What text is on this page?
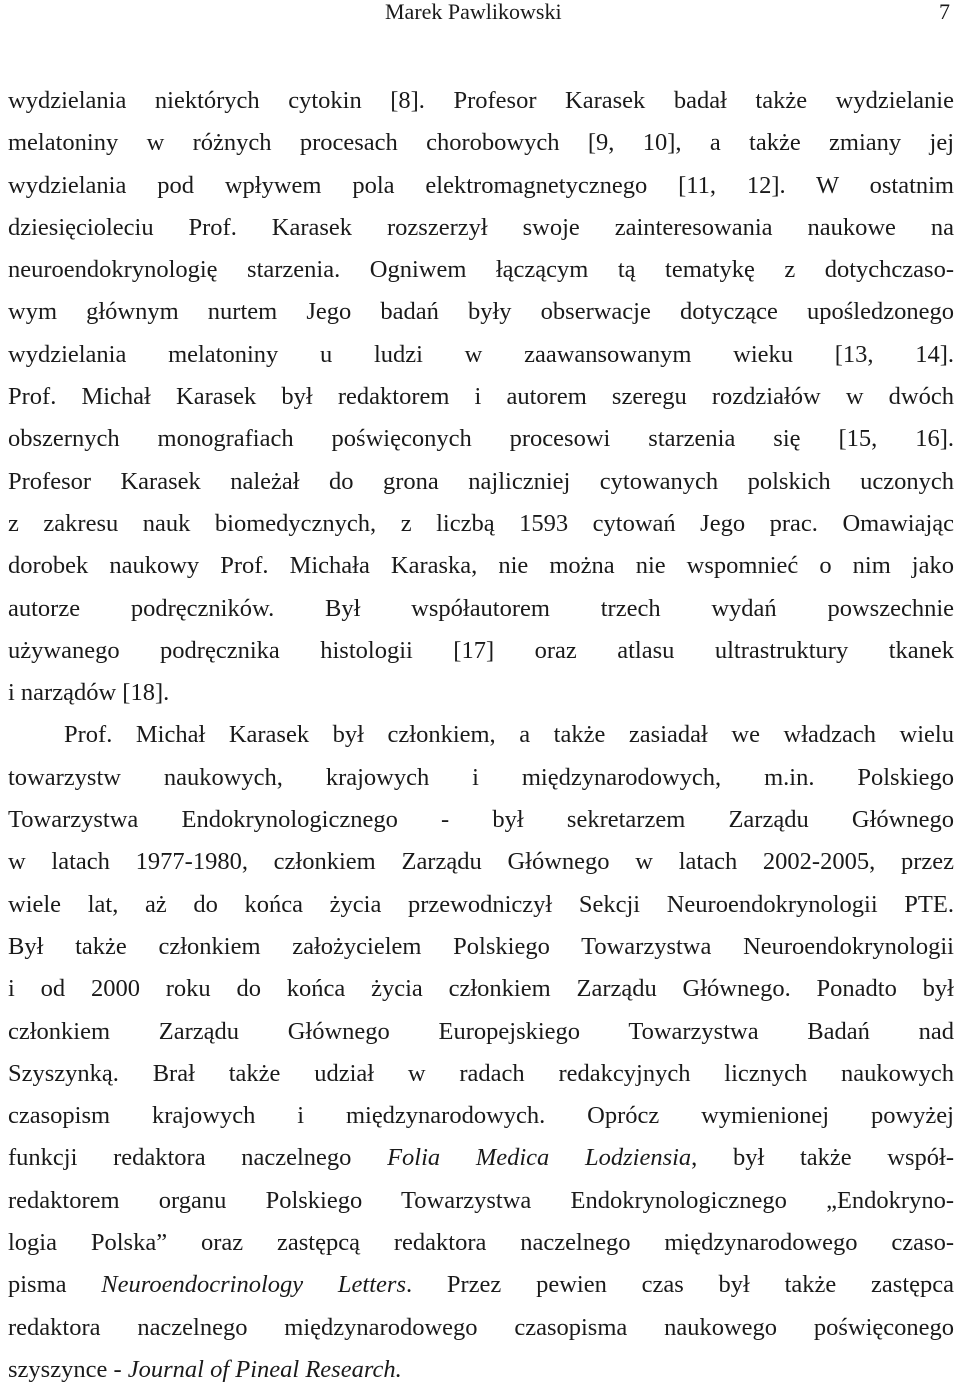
Marek Pawlikowski	7
wydzielania niektórych cytokin [8]. Profesor Karasek badał także wydzielanie
melatoniny w różnych procesach chorobowych [9, 10], a także zmiany jej
wydzielania pod wpływem pola elektromagnetycznego [11, 12]. W ostatnim
dziesięcioleciu Prof. Karasek rozszerzył swoje zainteresowania naukowe na
neuroendokrynologię starzenia. Ogniwem łączącym tą tematykę z dotychczaso-
wym głównym nurtem Jego badań były obserwacje dotyczące upośledzonego
wydzielania melatoniny u ludzi w zaawansowanym wieku [13, 14].
Prof. Michał Karasek był redaktorem i autorem szeregu rozdziałów w dwóch
obszernych monografiach poświęconych procesowi starzenia się [15, 16].
Profesor Karasek należał do grona najliczniej cytowanych polskich uczonych
z zakresu nauk biomedycznych, z liczbą 1593 cytowań Jego prac. Omawiając
dorobek naukowy Prof. Michała Karaska, nie można nie wspomnieć o nim jako
autorze podręczników. Był współautorem trzech wydań powszechnie
używanego podręcznika histologii [17] oraz atlasu ultrastruktury tkanek
i narządów [18].
Prof. Michał Karasek był członkiem, a także zasiadał we władzach wielu
towarzystw naukowych, krajowych i międzynarodowych, m.in. Polskiego
Towarzystwa Endokrynologicznego - był sekretarzem Zarządu Głównego
w latach 1977-1980, członkiem Zarządu Głównego w latach 2002-2005, przez
wiele lat, aż do końca życia przewodniczył Sekcji Neuroendokrynologii PTE.
Był także członkiem założycielem Polskiego Towarzystwa Neuroendokrynologii
i od 2000 roku do końca życia członkiem Zarządu Głównego. Ponadto był
członkiem Zarządu Głównego Europejskiego Towarzystwa Badań nad
Szyszynką. Brał także udział w radach redakcyjnych licznych naukowych
czasopism krajowych i międzynarodowych. Oprócz wymienionej powyżej
funkcji redaktora naczelnego Folia Medica Lodziensia, był także współ-
redaktorem organu Polskiego Towarzystwa Endokrynologicznego „Endokryno-
logia Polska” oraz zastępcą redaktora naczelnego międzynarodowego czaso-
pisma Neuroendocrinology Letters. Przez pewien czas był także zastępca
redaktora naczelnego międzynarodowego czasopisma naukowego poświęconego
szyszynce - Journal of Pineal Research.
